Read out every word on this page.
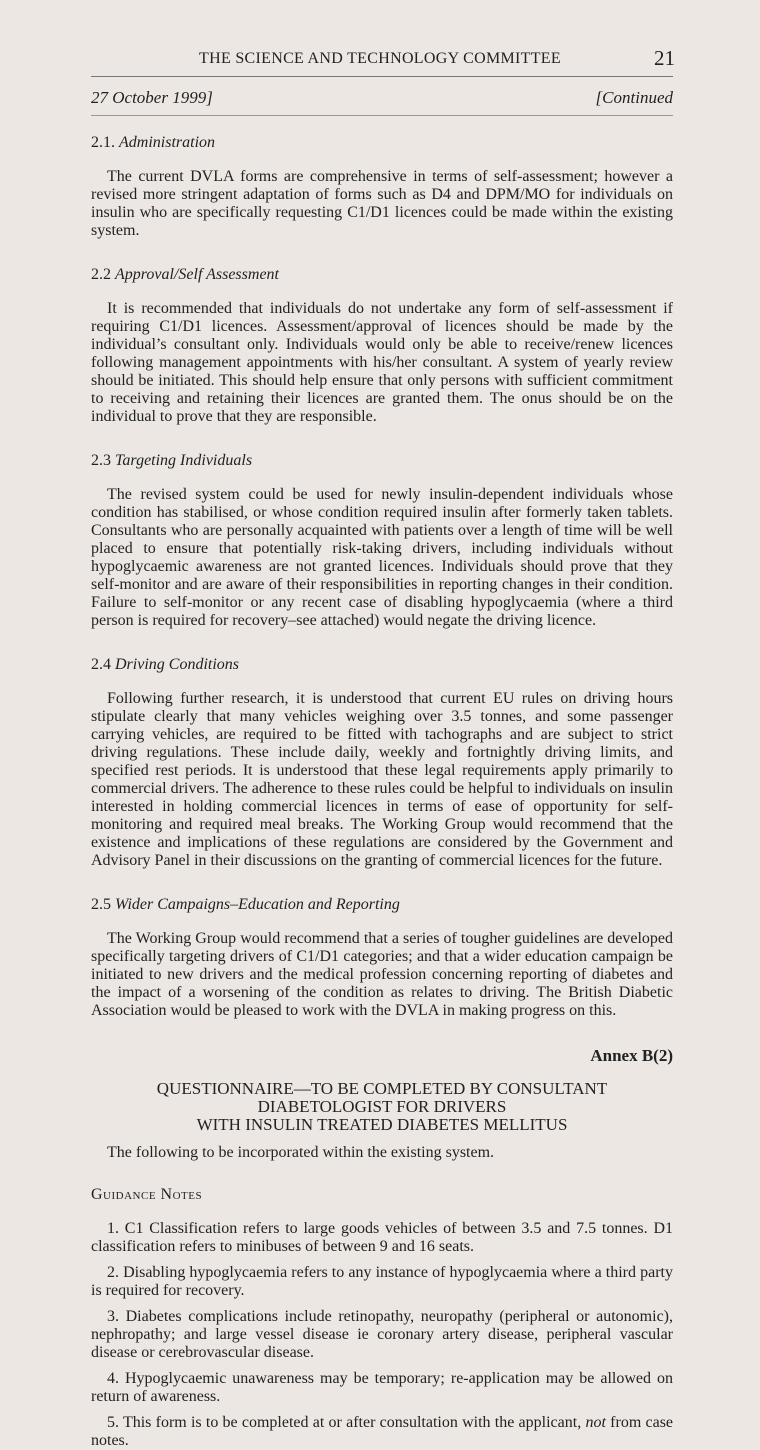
THE SCIENCE AND TECHNOLOGY COMMITTEE	21
27 October 1999]	[Continued
2.1. Administration

The current DVLA forms are comprehensive in terms of self-assessment; however a revised more stringent adaptation of forms such as D4 and DPM/MO for individuals on insulin who are specifically requesting C1/D1 licences could be made within the existing system.

2.2 Approval/Self Assessment

It is recommended that individuals do not undertake any form of self-assessment if requiring C1/D1 licences. Assessment/approval of licences should be made by the individual’s consultant only. Individuals would only be able to receive/renew licences following management appointments with his/her consultant. A system of yearly review should be initiated. This should help ensure that only persons with sufficient commitment to receiving and retaining their licences are granted them. The onus should be on the individual to prove that they are responsible.

2.3 Targeting Individuals

The revised system could be used for newly insulin-dependent individuals whose condition has stabilised, or whose condition required insulin after formerly taken tablets. Consultants who are personally acquainted with patients over a length of time will be well placed to ensure that potentially risk-taking drivers, including individuals without hypoglycaemic awareness are not granted licences. Individuals should prove that they self-monitor and are aware of their responsibilities in reporting changes in their condition. Failure to self-monitor or any recent case of disabling hypoglycaemia (where a third person is required for recovery–see attached) would negate the driving licence.

2.4 Driving Conditions

Following further research, it is understood that current EU rules on driving hours stipulate clearly that many vehicles weighing over 3.5 tonnes, and some passenger carrying vehicles, are required to be fitted with tachographs and are subject to strict driving regulations. These include daily, weekly and fortnightly driving limits, and specified rest periods. It is understood that these legal requirements apply primarily to commercial drivers. The adherence to these rules could be helpful to individuals on insulin interested in holding commercial licences in terms of ease of opportunity for self-monitoring and required meal breaks. The Working Group would recommend that the existence and implications of these regulations are considered by the Government and Advisory Panel in their discussions on the granting of commercial licences for the future.

2.5 Wider Campaigns–Education and Reporting

The Working Group would recommend that a series of tougher guidelines are developed specifically targeting drivers of C1/D1 categories; and that a wider education campaign be initiated to new drivers and the medical profession concerning reporting of diabetes and the impact of a worsening of the condition as relates to driving. The British Diabetic Association would be pleased to work with the DVLA in making progress on this.

Annex B(2)
QUESTIONNAIRE—TO BE COMPLETED BY CONSULTANT DIABETOLOGIST FOR DRIVERS
WITH INSULIN TREATED DIABETES MELLITUS

The following to be incorporated within the existing system.

Guidance Notes

1. C1 Classification refers to large goods vehicles of between 3.5 and 7.5 tonnes. D1 classification refers to minibuses of between 9 and 16 seats.

2. Disabling hypoglycaemia refers to any instance of hypoglycaemia where a third party is required for recovery.

3. Diabetes complications include retinopathy, neuropathy (peripheral or autonomic), nephropathy; and large vessel disease ie coronary artery disease, peripheral vascular disease or cerebrovascular disease.

4. Hypoglycaemic unawareness may be temporary; re-application may be allowed on return of awareness.

5. This form is to be completed at or after consultation with the applicant, not from case notes.
